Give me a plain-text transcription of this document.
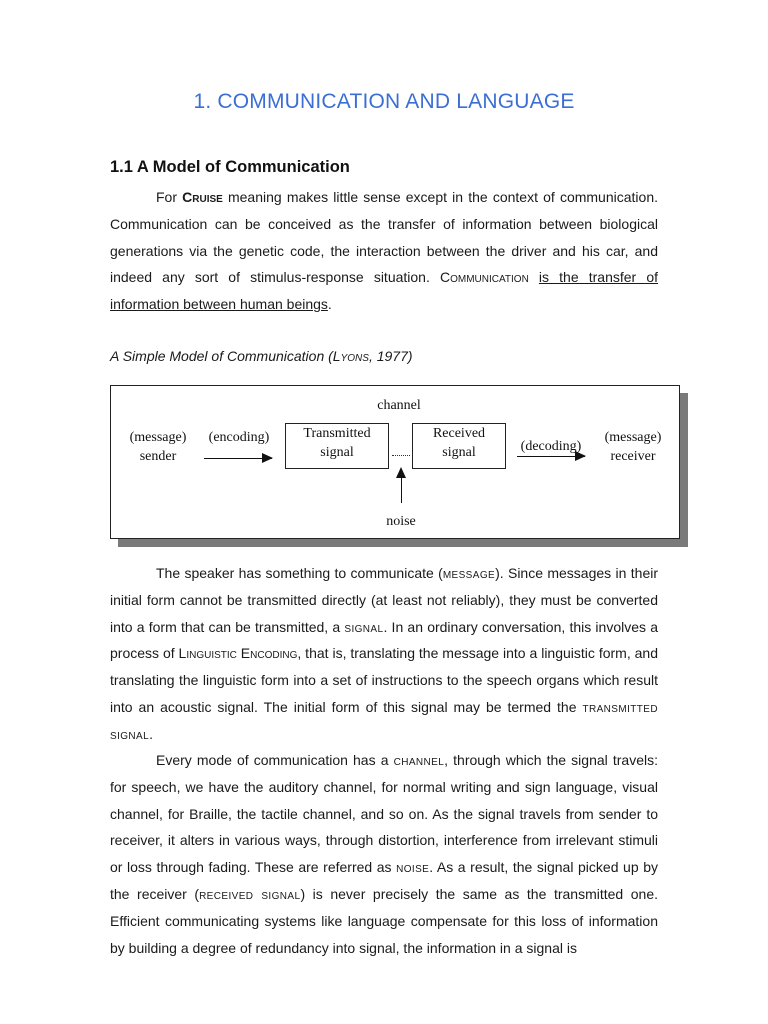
1. COMMUNICATION AND LANGUAGE
1.1 A Model of Communication
For Cruise meaning makes little sense except in the context of communication. Communication can be conceived as the transfer of information between biological generations via the genetic code, the interaction between the driver and his car, and indeed any sort of stimulus-response situation. Communication is the transfer of information between human beings.
A Simple Model of Communication (Lyons, 1977)
channel
(message)
sender
(encoding)	Transmitted
signal
Received
signal	(decoding)
(message)
receiver
noise
The speaker has something to communicate (message). Since messages in their initial form cannot be transmitted directly (at least not reliably), they must be converted into a form that can be transmitted, a signal. In an ordinary conversation, this involves a process of Linguistic Encoding, that is, translating the message into a linguistic form, and translating the linguistic form into a set of instructions to the speech organs which result into an acoustic signal. The initial form of this signal may be termed the transmitted signal.
Every mode of communication has a channel, through which the signal travels: for speech, we have the auditory channel, for normal writing and sign language, visual channel, for Braille, the tactile channel, and so on. As the signal travels from sender to receiver, it alters in various ways, through distortion, interference from irrelevant stimuli or loss through fading. These are referred as noise. As a result, the signal picked up by the receiver (received signal) is never precisely the same as the transmitted one. Efficient communicating systems like language compensate for this loss of information by building a degree of redundancy into signal, the information in a signal is
